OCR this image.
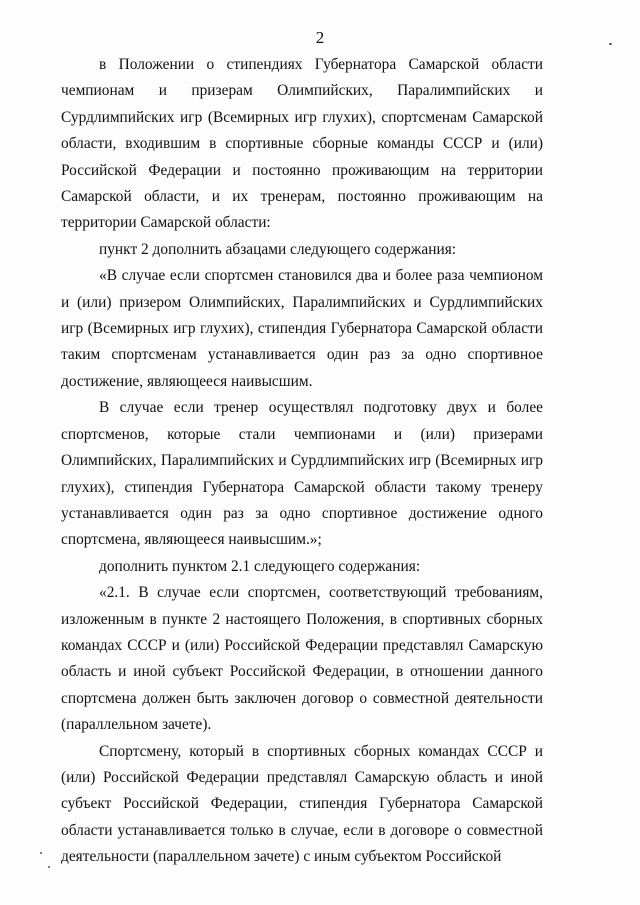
2

в Положении о стипендиях Губернатора Самарской области чемпионам и призерам Олимпийских, Паралимпийских и Сурдлимпийских игр (Всемирных игр глухих), спортсменам Самарской области, входившим в спортивные сборные команды СССР и (или) Российской Федерации и постоянно проживающим на территории Самарской области, и их тренерам, постоянно проживающим на территории Самарской области:

пункт 2 дополнить абзацами следующего содержания:

«В случае если спортсмен становился два и более раза чемпионом и (или) призером Олимпийских, Паралимпийских и Сурдлимпийских игр (Всемирных игр глухих), стипендия Губернатора Самарской области таким спортсменам устанавливается один раз за одно спортивное достижение, являющееся наивысшим.

В случае если тренер осуществлял подготовку двух и более спортсменов, которые стали чемпионами и (или) призерами Олимпийских, Паралимпийских и Сурдлимпийских игр (Всемирных игр глухих), стипендия Губернатора Самарской области такому тренеру устанавливается один раз за одно спортивное достижение одного спортсмена, являющееся наивысшим.»;

дополнить пунктом 2.1 следующего содержания:

«2.1. В случае если спортсмен, соответствующий требованиям, изложенным в пункте 2 настоящего Положения, в спортивных сборных командах СССР и (или) Российской Федерации представлял Самарскую область и иной субъект Российской Федерации, в отношении данного спортсмена должен быть заключен договор о совместной деятельности (параллельном зачете).

Спортсмену, который в спортивных сборных командах СССР и (или) Российской Федерации представлял Самарскую область и иной субъект Российской Федерации, стипендия Губернатора Самарской области устанавливается только в случае, если в договоре о совместной деятельности (параллельном зачете) с иным субъектом Российской
